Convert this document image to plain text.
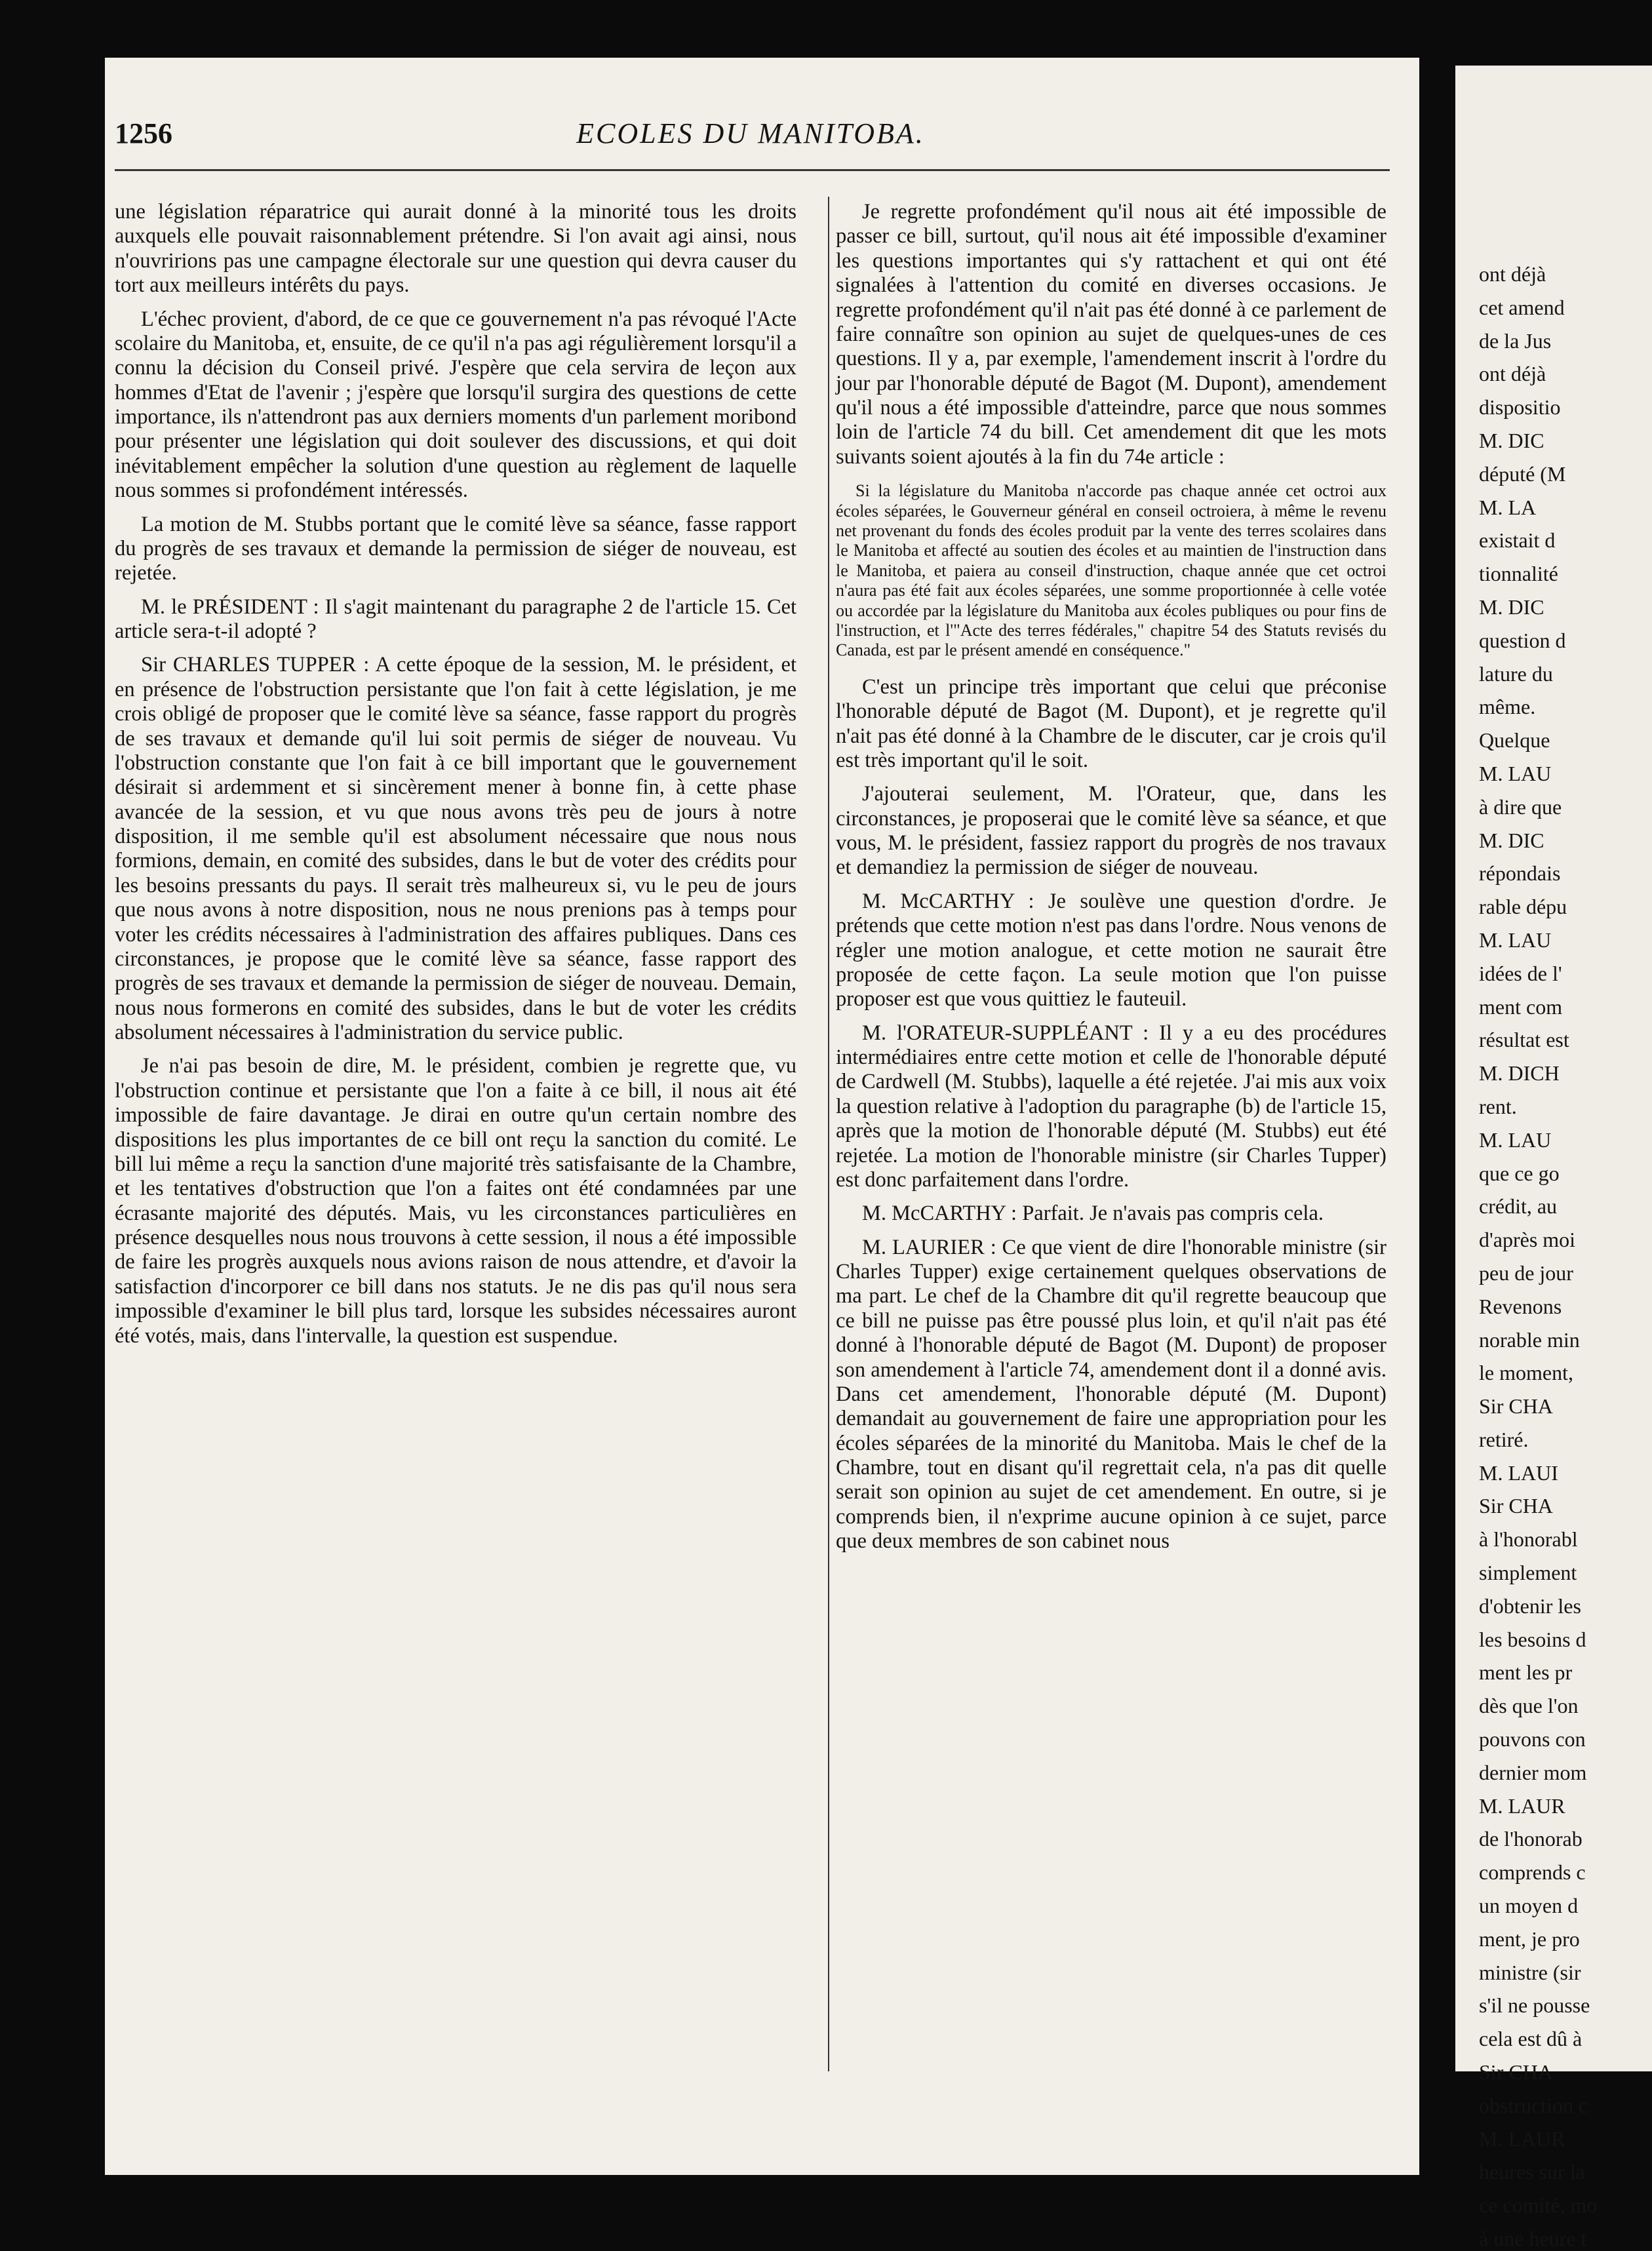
ont déjà

cet amend

de la Jus

ont déjà

dispositio

M. DIC

député (M

M. LA

existait d

tionnalité

M. DIC

question d

lature du

même.

Quelque

M. LAU

à dire que

M. DIC

répondais

rable dépu

M. LAU

idées de l'

ment com

résultat est

M. DICH

rent.

M. LAU

que ce go

crédit, au

d'après moi

peu de jour

Revenons

norable min

le moment,

Sir CHA

retiré.

M. LAUI

Sir CHA

à l'honorabl

simplement

d'obtenir les

les besoins d

ment les pr

dès que l'on

pouvons con

dernier mom

M. LAUR

de l'honorab

comprends c

un moyen d

ment, je pro

ministre (sir

s'il ne pousse

cela est dû à

Sir CHA

obstruction c

M. LAUR

heures sur la

ce comité, mo

à une heure t

1256	ECOLES DU MANITOBA.

une législation réparatrice qui aurait donné à la minorité tous les droits auxquels elle pouvait raisonnablement prétendre. Si l'on avait agi ainsi, nous n'ouvririons pas une campagne électorale sur une question qui devra causer du tort aux meilleurs intérêts du pays.

L'échec provient, d'abord, de ce que ce gouvernement n'a pas révoqué l'Acte scolaire du Manitoba, et, ensuite, de ce qu'il n'a pas agi régulièrement lorsqu'il a connu la décision du Conseil privé. J'espère que cela servira de leçon aux hommes d'Etat de l'avenir ; j'espère que lorsqu'il surgira des questions de cette importance, ils n'attendront pas aux derniers moments d'un parlement moribond pour présenter une législation qui doit soulever des discussions, et qui doit inévitablement empêcher la solution d'une question au règlement de laquelle nous sommes si profondément intéressés.

La motion de M. Stubbs portant que le comité lève sa séance, fasse rapport du progrès de ses travaux et demande la permission de siéger de nouveau, est rejetée.

M. le PRÉSIDENT : Il s'agit maintenant du paragraphe 2 de l'article 15. Cet article sera-t-il adopté ?

Sir CHARLES TUPPER : A cette époque de la session, M. le président, et en présence de l'obstruction persistante que l'on fait à cette législation, je me crois obligé de proposer que le comité lève sa séance, fasse rapport du progrès de ses travaux et demande qu'il lui soit permis de siéger de nouveau. Vu l'obstruction constante que l'on fait à ce bill important que le gouvernement désirait si ardemment et si sincèrement mener à bonne fin, à cette phase avancée de la session, et vu que nous avons très peu de jours à notre disposition, il me semble qu'il est absolument nécessaire que nous nous formions, demain, en comité des subsides, dans le but de voter des crédits pour les besoins pressants du pays. Il serait très malheureux si, vu le peu de jours que nous avons à notre disposition, nous ne nous prenions pas à temps pour voter les crédits nécessaires à l'administration des affaires publiques. Dans ces circonstances, je propose que le comité lève sa séance, fasse rapport des progrès de ses travaux et demande la permission de siéger de nouveau. Demain, nous nous formerons en comité des subsides, dans le but de voter les crédits absolument nécessaires à l'administration du service public.

Je n'ai pas besoin de dire, M. le président, combien je regrette que, vu l'obstruction continue et persistante que l'on a faite à ce bill, il nous ait été impossible de faire davantage. Je dirai en outre qu'un certain nombre des dispositions les plus importantes de ce bill ont reçu la sanction du comité. Le bill lui même a reçu la sanction d'une majorité très satisfaisante de la Chambre, et les tentatives d'obstruction que l'on a faites ont été condamnées par une écrasante majorité des députés. Mais, vu les circonstances particulières en présence desquelles nous nous trouvons à cette session, il nous a été impossible de faire les progrès auxquels nous avions raison de nous attendre, et d'avoir la satisfaction d'incorporer ce bill dans nos statuts. Je ne dis pas qu'il nous sera impossible d'examiner le bill plus tard, lorsque les subsides nécessaires auront été votés, mais, dans l'intervalle, la question est suspendue.

Je regrette profondément qu'il nous ait été impossible de passer ce bill, surtout, qu'il nous ait été impossible d'examiner les questions importantes qui s'y rattachent et qui ont été signalées à l'attention du comité en diverses occasions. Je regrette profondément qu'il n'ait pas été donné à ce parlement de faire connaître son opinion au sujet de quelques-unes de ces questions. Il y a, par exemple, l'amendement inscrit à l'ordre du jour par l'honorable député de Bagot (M. Dupont), amendement qu'il nous a été impossible d'atteindre, parce que nous sommes loin de l'article 74 du bill. Cet amendement dit que les mots suivants soient ajoutés à la fin du 74e article :

Si la législature du Manitoba n'accorde pas chaque année cet octroi aux écoles séparées, le Gouverneur général en conseil octroiera, à même le revenu net provenant du fonds des écoles produit par la vente des terres scolaires dans le Manitoba et affecté au soutien des écoles et au maintien de l'instruction dans le Manitoba, et paiera au conseil d'instruction, chaque année que cet octroi n'aura pas été fait aux écoles séparées, une somme proportionnée à celle votée ou accordée par la législature du Manitoba aux écoles publiques ou pour fins de l'instruction, et l'"Acte des terres fédérales," chapitre 54 des Statuts revisés du Canada, est par le présent amendé en conséquence."

C'est un principe très important que celui que préconise l'honorable député de Bagot (M. Dupont), et je regrette qu'il n'ait pas été donné à la Chambre de le discuter, car je crois qu'il est très important qu'il le soit.

J'ajouterai seulement, M. l'Orateur, que, dans les circonstances, je proposerai que le comité lève sa séance, et que vous, M. le président, fassiez rapport du progrès de nos travaux et demandiez la permission de siéger de nouveau.

M. McCARTHY : Je soulève une question d'ordre. Je prétends que cette motion n'est pas dans l'ordre. Nous venons de régler une motion analogue, et cette motion ne saurait être proposée de cette façon. La seule motion que l'on puisse proposer est que vous quittiez le fauteuil.

M. l'ORATEUR-SUPPLÉANT : Il y a eu des procédures intermédiaires entre cette motion et celle de l'honorable député de Cardwell (M. Stubbs), laquelle a été rejetée. J'ai mis aux voix la question relative à l'adoption du paragraphe (b) de l'article 15, après que la motion de l'honorable député (M. Stubbs) eut été rejetée. La motion de l'honorable ministre (sir Charles Tupper) est donc parfaitement dans l'ordre.

M. McCARTHY : Parfait. Je n'avais pas compris cela.

M. LAURIER : Ce que vient de dire l'honorable ministre (sir Charles Tupper) exige certainement quelques observations de ma part. Le chef de la Chambre dit qu'il regrette beaucoup que ce bill ne puisse pas être poussé plus loin, et qu'il n'ait pas été donné à l'honorable député de Bagot (M. Dupont) de proposer son amendement à l'article 74, amendement dont il a donné avis. Dans cet amendement, l'honorable député (M. Dupont) demandait au gouvernement de faire une appropriation pour les écoles séparées de la minorité du Manitoba. Mais le chef de la Chambre, tout en disant qu'il regrettait cela, n'a pas dit quelle serait son opinion au sujet de cet amendement. En outre, si je comprends bien, il n'exprime aucune opinion à ce sujet, parce que deux membres de son cabinet nous
